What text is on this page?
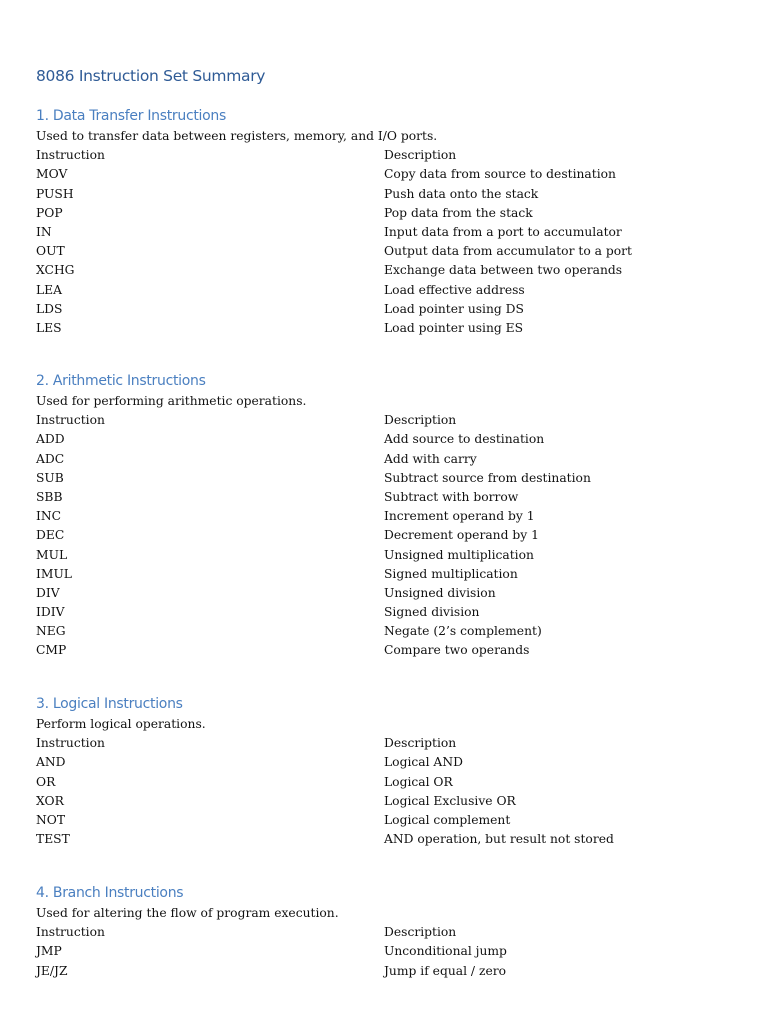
8086 Instruction Set Summary
1. Data Transfer Instructions
Used to transfer data between registers, memory, and I/O ports.
Instruction	Description
MOV	Copy data from source to destination
PUSH	Push data onto the stack
POP	Pop data from the stack
IN	Input data from a port to accumulator
OUT	Output data from accumulator to a port
XCHG	Exchange data between two operands
LEA	Load effective address
LDS	Load pointer using DS
LES	Load pointer using ES
2. Arithmetic Instructions
Used for performing arithmetic operations.
Instruction	Description
ADD	Add source to destination
ADC	Add with carry
SUB	Subtract source from destination
SBB	Subtract with borrow
INC	Increment operand by 1
DEC	Decrement operand by 1
MUL	Unsigned multiplication
IMUL	Signed multiplication
DIV	Unsigned division
IDIV	Signed division
NEG	Negate (2’s complement)
CMP	Compare two operands
3. Logical Instructions
Perform logical operations.
Instruction	Description
AND	Logical AND
OR	Logical OR
XOR	Logical Exclusive OR
NOT	Logical complement
TEST	AND operation, but result not stored
4. Branch Instructions
Used for altering the flow of program execution.
Instruction	Description
JMP	Unconditional jump
JE/JZ	Jump if equal / zero
